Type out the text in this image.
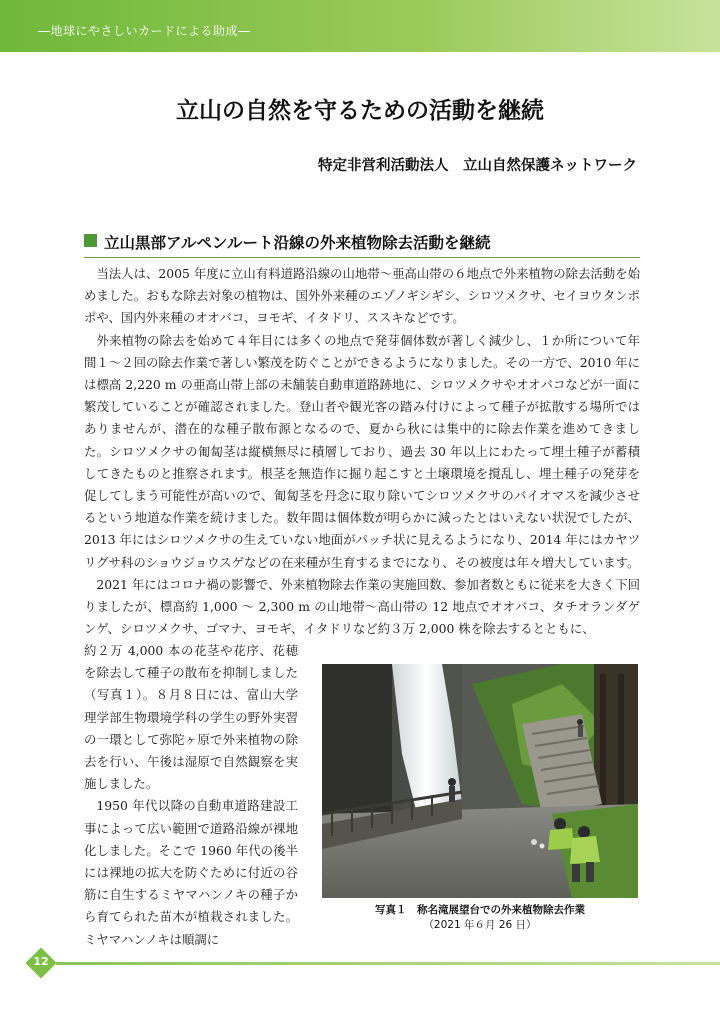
―地球にやさしいカードによる助成―
立山の自然を守るための活動を継続
特定非営利活動法人　立山自然保護ネットワーク
立山黒部アルペンルート沿線の外来植物除去活動を継続

当法人は、2005 年度に立山有料道路沿線の山地帯～亜高山帯の６地点で外来植物の除去活動を始めました。おもな除去対象の植物は、国外外来種のエゾノギシギシ、シロツメクサ、セイヨウタンポポや、国内外来種のオオバコ、ヨモギ、イタドリ、ススキなどです。

外来植物の除去を始めて４年目には多くの地点で発芽個体数が著しく減少し、１か所について年間１～２回の除去作業で著しい繁茂を防ぐことができるようになりました。その一方で、2010 年には標高 2,220 m の亜高山帯上部の未舗装自動車道路跡地に、シロツメクサやオオバコなどが一面に繁茂していることが確認されました。登山者や観光客の踏み付けによって種子が拡散する場所ではありませんが、潜在的な種子散布源となるので、夏から秋には集中的に除去作業を進めてきました。シロツメクサの匍匐茎は縦横無尽に積層しており、過去 30 年以上にわたって埋土種子が蓄積してきたものと推察されます。根茎を無造作に掘り起こすと土壌環境を撹乱し、埋土種子の発芽を促してしまう可能性が高いので、匍匐茎を丹念に取り除いてシロツメクサのバイオマスを減少させるという地道な作業を続けました。数年間は個体数が明らかに減ったとはいえない状況でしたが、2013 年にはシロツメクサの生えていない地面がパッチ状に見えるようになり、2014 年にはカヤツリグサ科のショウジョウスゲなどの在来種が生育するまでになり、その被度は年々増大しています。

2021 年にはコロナ禍の影響で、外来植物除去作業の実施回数、参加者数ともに従来を大きく下回りましたが、標高約 1,000 ～ 2,300 m の山地帯～高山帯の 12 地点でオオバコ、タチオランダゲンゲ、シロツメクサ、ゴマナ、ヨモギ、イタドリなど約３万 2,000 株を除去するとともに、

約２万 4,000 本の花茎や花序、花穂を除去して種子の散布を抑制しました（写真１）。８月８日には、富山大学理学部生物環境学科の学生の野外実習の一環として弥陀ヶ原で外来植物の除去を行い、午後は湿原で自然観察を実施しました。

1950 年代以降の自動車道路建設工事によって広い範囲で道路沿線が裸地化しました。そこで 1960 年代の後半には裸地の拡大を防ぐために付近の谷筋に自生するミヤマハンノキの種子から育てられた苗木が植栽されました。ミヤマハンノキは順調に

写真１　称名滝展望台での外来植物除去作業
（2021 年６月 26 日）
12
